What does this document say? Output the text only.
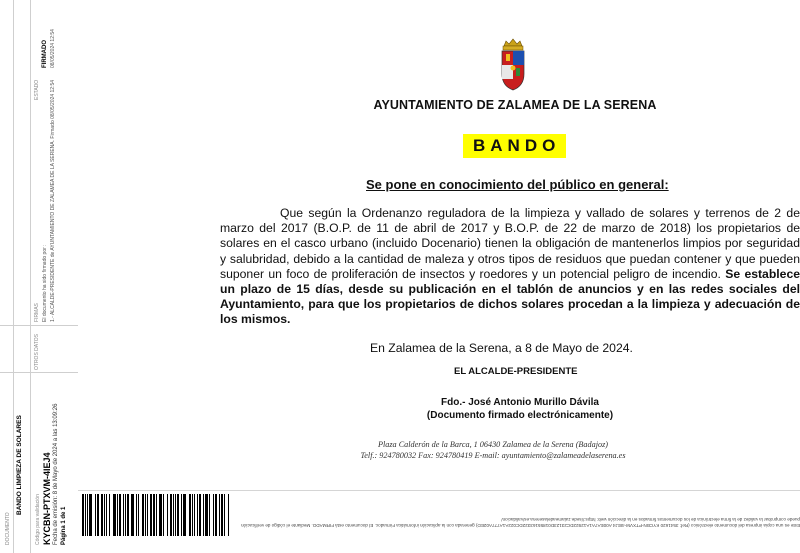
DOCUMENTO
BANDO LIMPIEZA DE SOLARES
Código para validación KYCBN-PTXVM-4IEJ4 Fecha de emisión: 8 de Mayo de 2024 a las 13:09:26 Página 1 de 1
OTROS DATOS
FIRMAS El documento ha sido firmado por : 1.- ALCALDE-PRESIDENTE de AYUNTAMIENTO DE ZALAMEA DE LA SERENA. Firmado 08/05/2024 12:54
ESTADO
FIRMADO 08/05/2024 12:54
AYUNTAMIENTO DE ZALAMEA DE LA SERENA
BANDO
Se pone en conocimiento del público en general:
Que según la Ordenanzo reguladora de la limpieza y vallado de solares y terrenos de 2 de marzo del 2017 (B.O.P. de 11 de abril de 2017 y B.O.P. de 22 de marzo de 2018) los propietarios de solares en el casco urbano (incluido Docenario) tienen la obligación de mantenerlos limpios por seguridad y salubridad, debido a la cantidad de maleza y otros tipos de residuos que puedan contener y que pueden suponer un foco de proliferación de insectos y roedores y un potencial peligro de incendio. Se establece un plazo de 15 días, desde su publicación en el tablón de anuncios y en las redes sociales del Ayuntamiento, para que los propietarios de dichos solares procedan a la limpieza y adecuación de los mismos.
En Zalamea de la Serena, a 8 de Mayo de 2024.
EL ALCALDE-PRESIDENTE
Fdo.- José Antonio Murillo Dávila
(Documento firmado electrónicamente)
Plaza Calderón de la Barca, 1 06430 Zalamea de la Serena (Badajoz)
Telf.: 924780032 Fax: 924780419 E-mail: ayuntamiento@zalameadelaserena.es
Este es una copia impresa del documento electrónico (Ref: 3541620 KYCBN-PTXVM-4IEJ4 A00EA7A1A12922DC23123D01855163322DC022A1A777A02ED) generada con la aplicación informática Firmadoc. El documento está FIRMADO. Mediante el código de verificación
puede comprobar la validez de la firma electrónica de los documentos firmados en la dirección web: https://sede.zalameadelaserena.es/validacion/
